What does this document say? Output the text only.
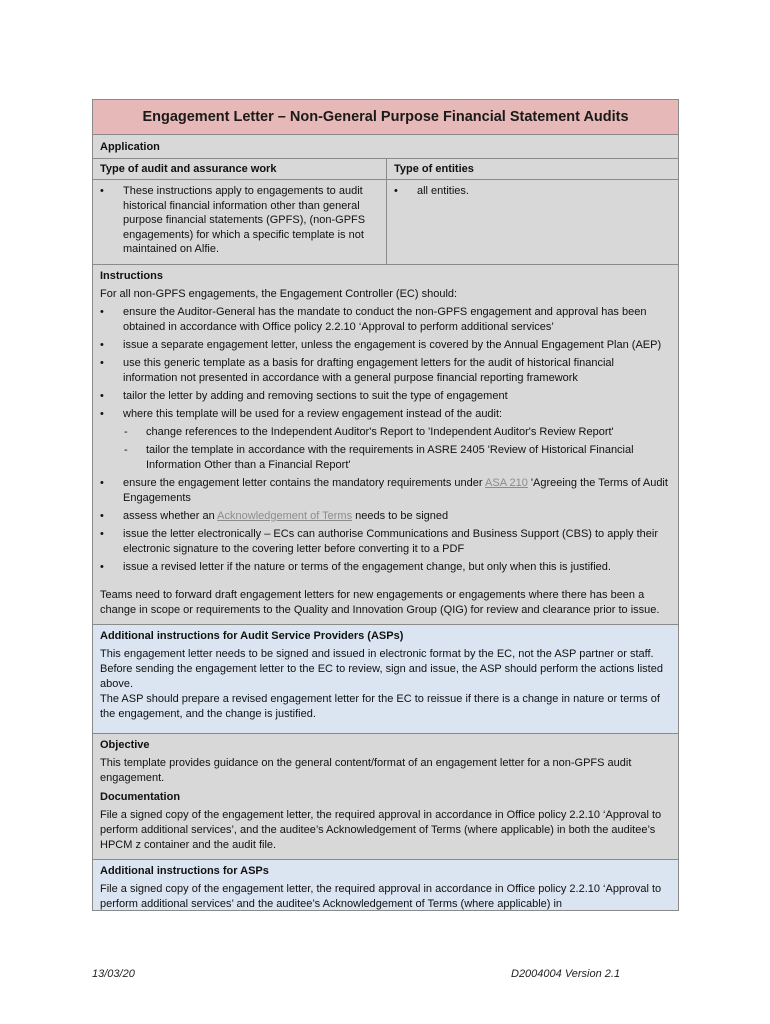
Engagement Letter – Non-General Purpose Financial Statement Audits
Application
Type of audit and assurance work
• These instructions apply to engagements to audit historical financial information other than general purpose financial statements (GPFS), (non-GPFS engagements) for which a specific template is not maintained on Alfie.
Type of entities
• all entities.
Instructions

For all non-GPFS engagements, the Engagement Controller (EC) should:

• ensure the Auditor-General has the mandate to conduct the non-GPFS engagement and approval has been obtained in accordance with Office policy 2.2.10 ‘Approval to perform additional services’
• issue a separate engagement letter, unless the engagement is covered by the Annual Engagement Plan (AEP)
• use this generic template as a basis for drafting engagement letters for the audit of historical financial information not presented in accordance with a general purpose financial reporting framework
• tailor the letter by adding and removing sections to suit the type of engagement
• where this template will be used for a review engagement instead of the audit:
- change references to the Independent Auditor's Report to 'Independent Auditor's Review Report'
- tailor the template in accordance with the requirements in ASRE 2405 'Review of Historical Financial Information Other than a Financial Report'
• ensure the engagement letter contains the mandatory requirements under ASA 210 'Agreeing the Terms of Audit Engagements
• assess whether an Acknowledgement of Terms needs to be signed
• issue the letter electronically – ECs can authorise Communications and Business Support (CBS) to apply their electronic signature to the covering letter before converting it to a PDF
• issue a revised letter if the nature or terms of the engagement change, but only when this is justified.

Teams need to forward draft engagement letters for new engagements or engagements where there has been a change in scope or requirements to the Quality and Innovation Group (QIG) for review and clearance prior to issue.

Additional instructions for Audit Service Providers (ASPs)

This engagement letter needs to be signed and issued in electronic format by the EC, not the ASP partner or staff. Before sending the engagement letter to the EC to review, sign and issue, the ASP should perform the actions listed above.

The ASP should prepare a revised engagement letter for the EC to reissue if there is a change in nature or terms of the engagement, and the change is justified.

Objective

This template provides guidance on the general content/format of an engagement letter for a non-GPFS audit engagement.

Documentation

File a signed copy of the engagement letter, the required approval in accordance in Office policy 2.2.10 ‘Approval to perform additional services’, and the auditee’s Acknowledgement of Terms (where applicable) in both the auditee’s HPCM z container and the audit file.

Additional instructions for ASPs

File a signed copy of the engagement letter, the required approval in accordance in Office policy 2.2.10 ‘Approval to perform additional services’ and the auditee’s Acknowledgement of Terms (where applicable) in

13/03/20	D2004004 Version 2.1
